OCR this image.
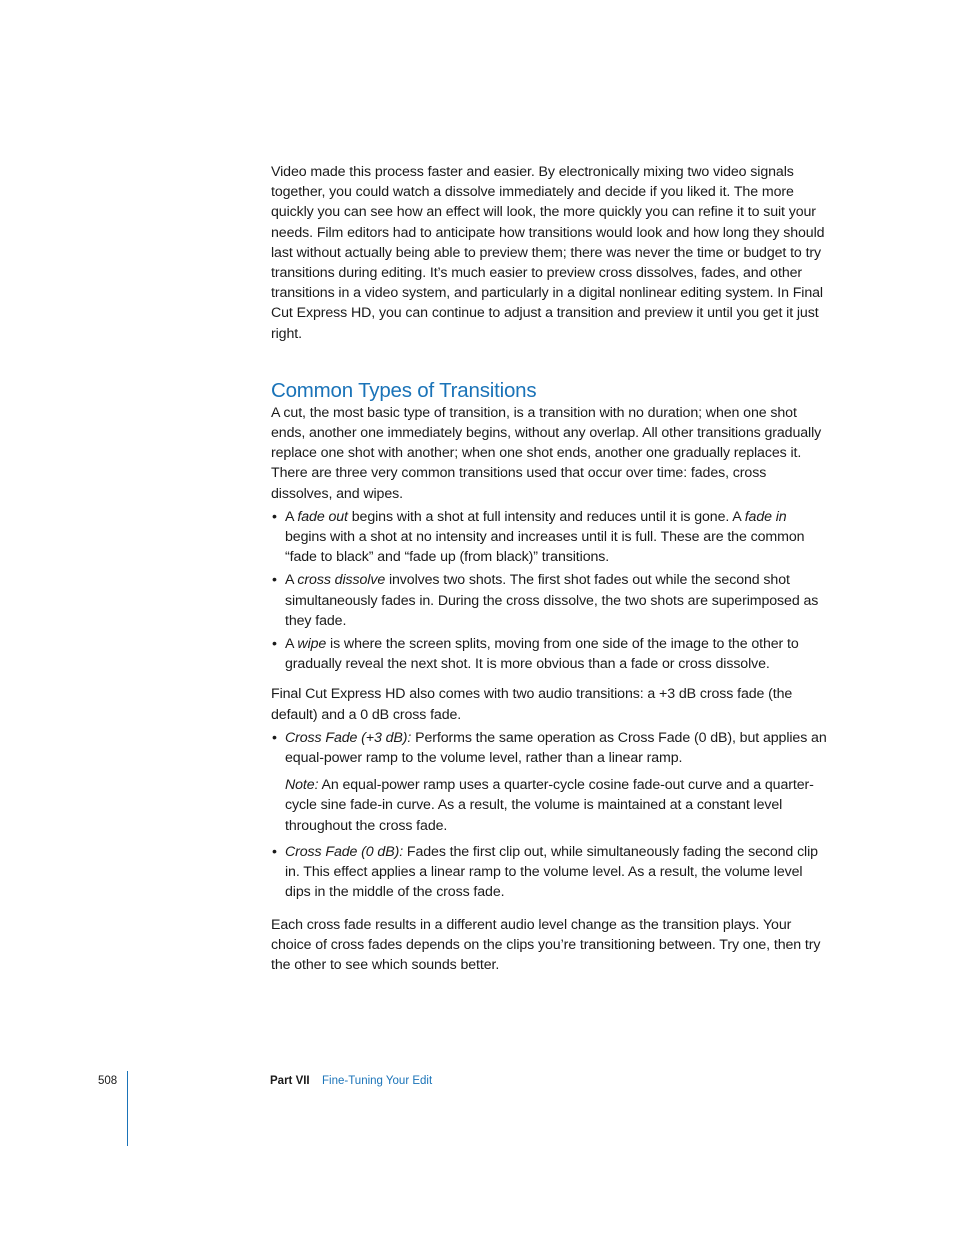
Video made this process faster and easier. By electronically mixing two video signals together, you could watch a dissolve immediately and decide if you liked it. The more quickly you can see how an effect will look, the more quickly you can refine it to suit your needs. Film editors had to anticipate how transitions would look and how long they should last without actually being able to preview them; there was never the time or budget to try transitions during editing. It’s much easier to preview cross dissolves, fades, and other transitions in a video system, and particularly in a digital nonlinear editing system. In Final Cut Express HD, you can continue to adjust a transition and preview it until you get it just right.

Common Types of Transitions

A cut, the most basic type of transition, is a transition with no duration; when one shot ends, another one immediately begins, without any overlap. All other transitions gradually replace one shot with another; when one shot ends, another one gradually replaces it. There are three very common transitions used that occur over time: fades, cross dissolves, and wipes.

• A fade out begins with a shot at full intensity and reduces until it is gone. A fade in begins with a shot at no intensity and increases until it is full. These are the common “fade to black” and “fade up (from black)” transitions.
• A cross dissolve involves two shots. The first shot fades out while the second shot simultaneously fades in. During the cross dissolve, the two shots are superimposed as they fade.
• A wipe is where the screen splits, moving from one side of the image to the other to gradually reveal the next shot. It is more obvious than a fade or cross dissolve.

Final Cut Express HD also comes with two audio transitions: a +3 dB cross fade (the default) and a 0 dB cross fade.

• Cross Fade (+3 dB): Performs the same operation as Cross Fade (0 dB), but applies an equal-power ramp to the volume level, rather than a linear ramp.

Note: An equal-power ramp uses a quarter-cycle cosine fade-out curve and a quarter-cycle sine fade-in curve. As a result, the volume is maintained at a constant level throughout the cross fade.

• Cross Fade (0 dB): Fades the first clip out, while simultaneously fading the second clip in. This effect applies a linear ramp to the volume level. As a result, the volume level dips in the middle of the cross fade.

Each cross fade results in a different audio level change as the transition plays. Your choice of cross fades depends on the clips you’re transitioning between. Try one, then try the other to see which sounds better.

508	Part VII Fine-Tuning Your Edit
